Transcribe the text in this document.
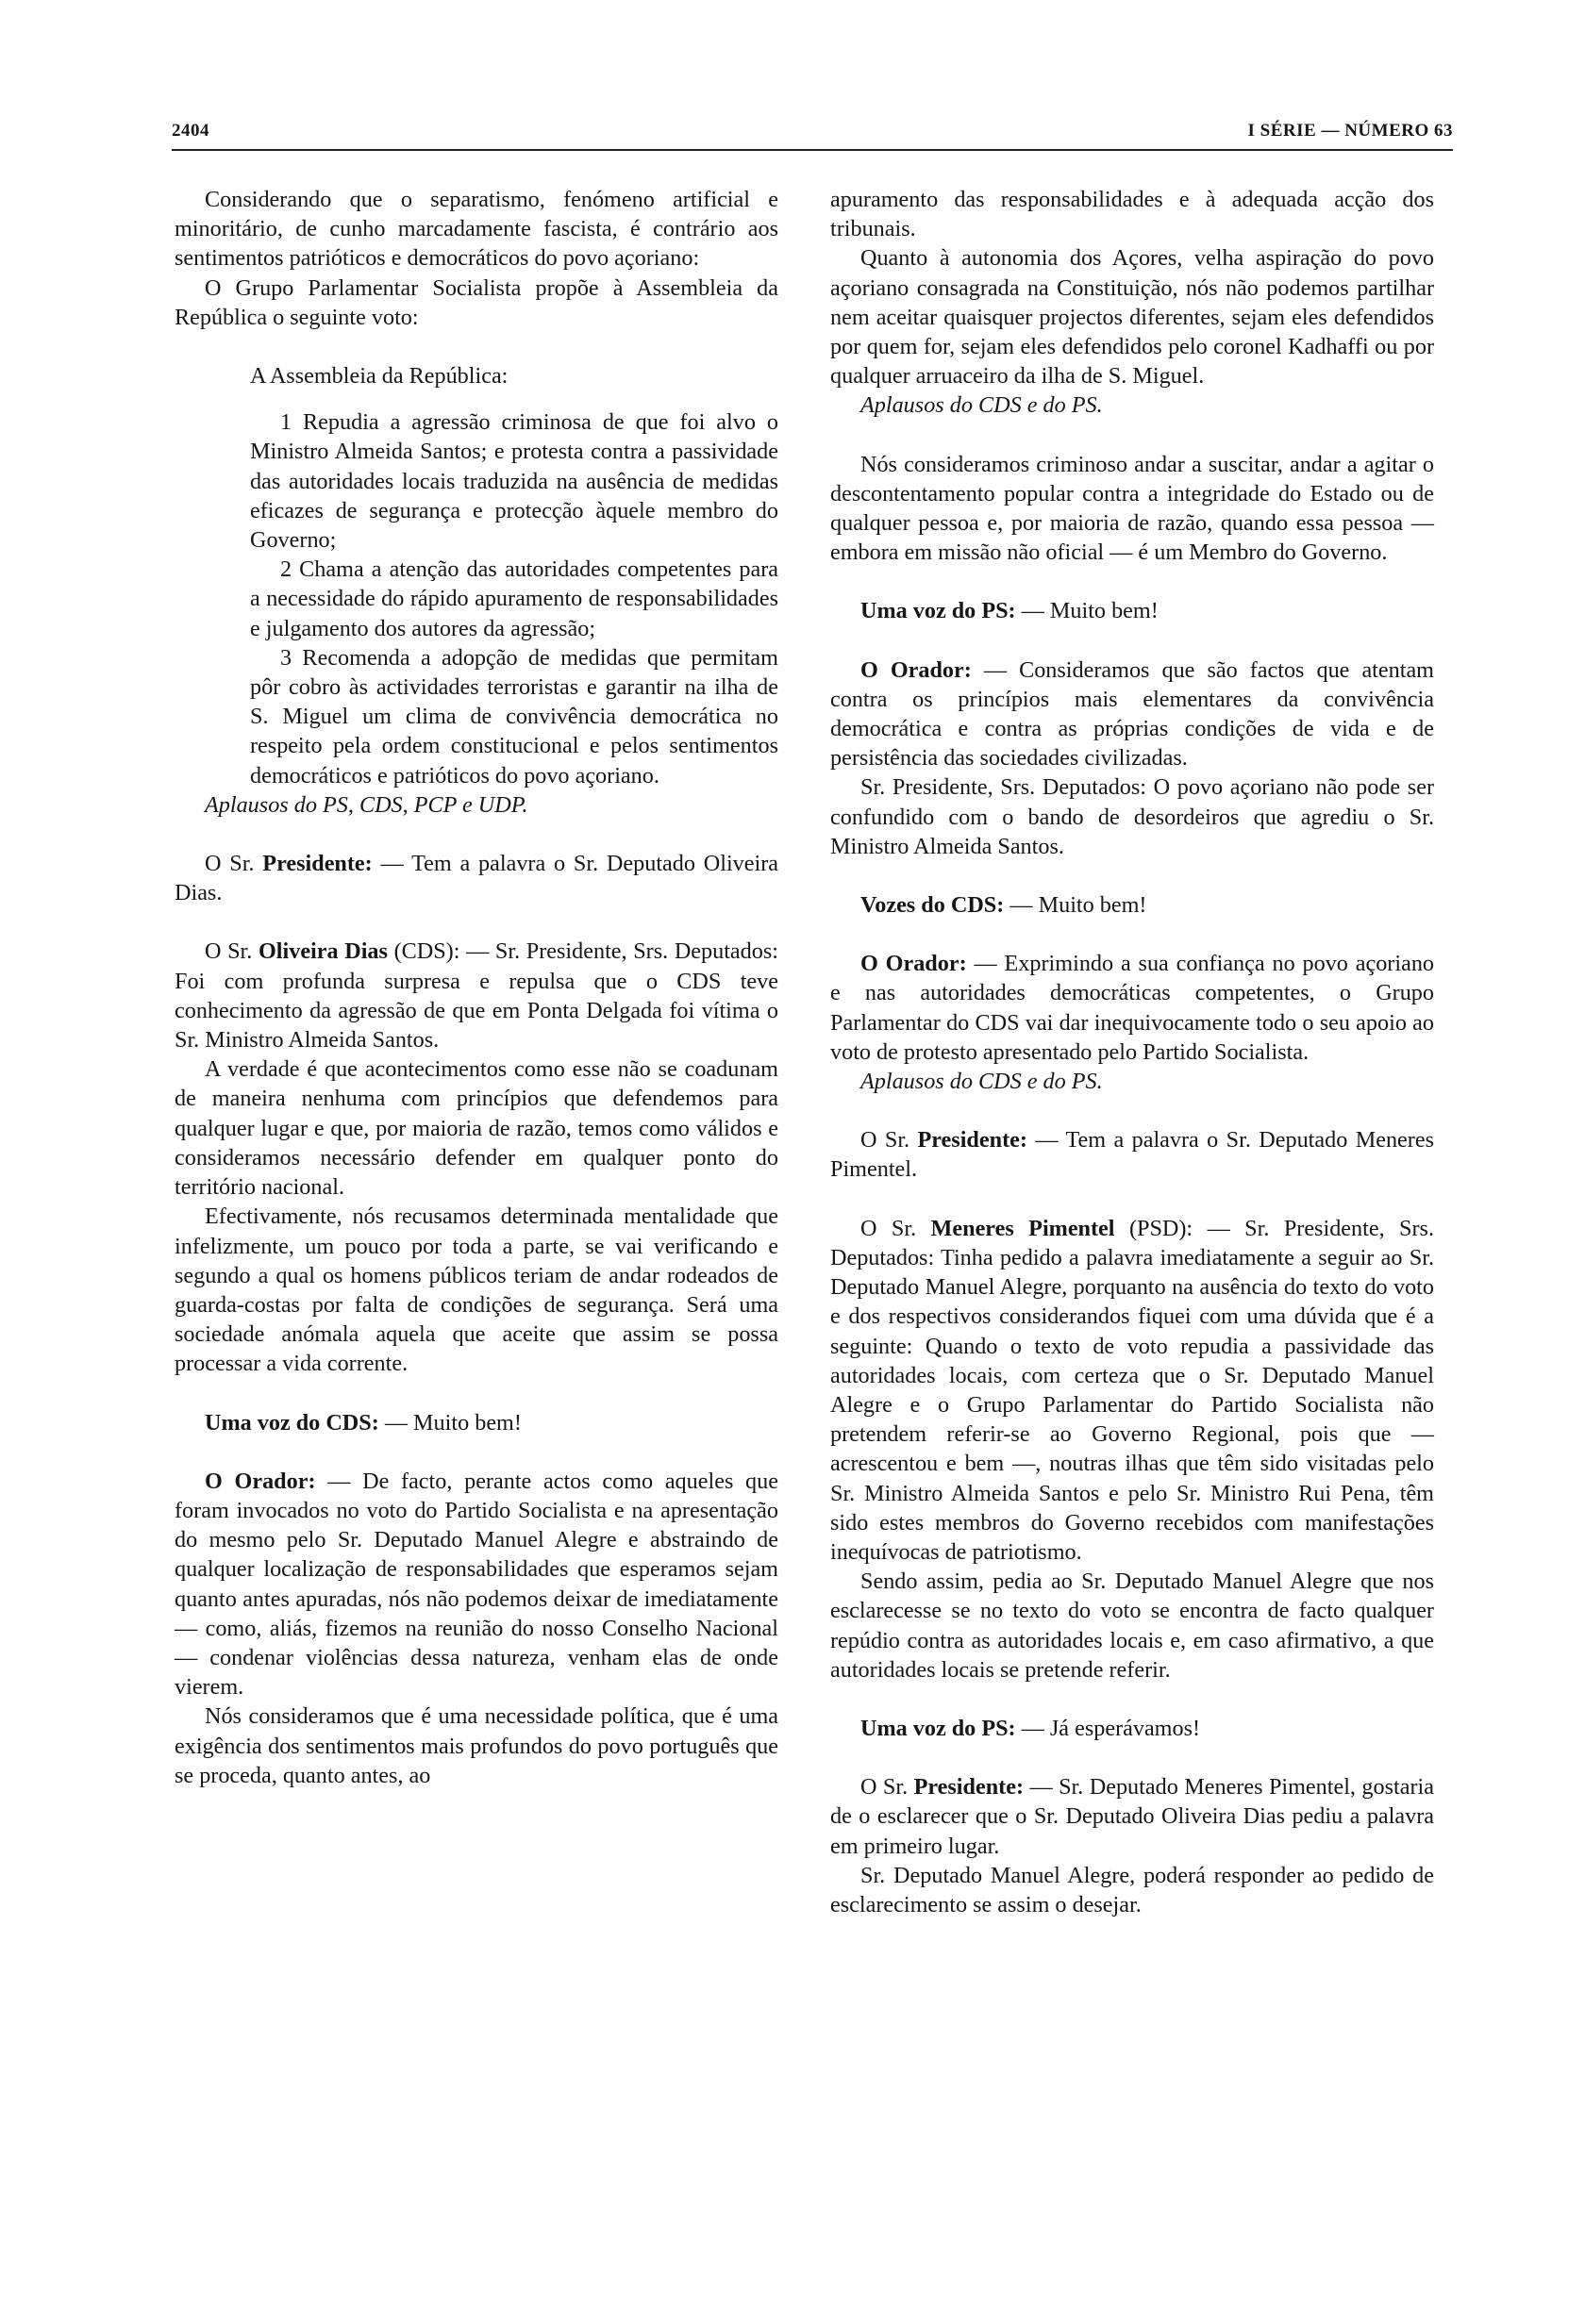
2404	I SÉRIE — NÚMERO 63

Considerando que o separatismo, fenómeno artificial e minoritário, de cunho marcadamente fascista, é contrário aos sentimentos patrióticos e democráticos do povo açoriano:

O Grupo Parlamentar Socialista propõe à Assembleia da República o seguinte voto:

A Assembleia da República:

1 Repudia a agressão criminosa de que foi alvo o Ministro Almeida Santos; e protesta contra a passividade das autoridades locais traduzida na ausência de medidas eficazes de segurança e protecção àquele membro do Governo;

2 Chama a atenção das autoridades competentes para a necessidade do rápido apuramento de responsabilidades e julgamento dos autores da agressão;

3 Recomenda a adopção de medidas que permitam pôr cobro às actividades terroristas e garantir na ilha de S. Miguel um clima de convivência democrática no respeito pela ordem constitucional e pelos sentimentos democráticos e patrióticos do povo açoriano.

Aplausos do PS, CDS, PCP e UDP.

O Sr. Presidente: — Tem a palavra o Sr. Deputado Oliveira Dias.

O Sr. Oliveira Dias (CDS): — Sr. Presidente, Srs. Deputados: Foi com profunda surpresa e repulsa que o CDS teve conhecimento da agressão de que em Ponta Delgada foi vítima o Sr. Ministro Almeida Santos.

A verdade é que acontecimentos como esse não se coadunam de maneira nenhuma com princípios que defendemos para qualquer lugar e que, por maioria de razão, temos como válidos e consideramos necessário defender em qualquer ponto do território nacional.

Efectivamente, nós recusamos determinada mentalidade que infelizmente, um pouco por toda a parte, se vai verificando e segundo a qual os homens públicos teriam de andar rodeados de guarda-costas por falta de condições de segurança. Será uma sociedade anómala aquela que aceite que assim se possa processar a vida corrente.

Uma voz do CDS: — Muito bem!

O Orador: — De facto, perante actos como aqueles que foram invocados no voto do Partido Socialista e na apresentação do mesmo pelo Sr. Deputado Manuel Alegre e abstraindo de qualquer localização de responsabilidades que esperamos sejam quanto antes apuradas, nós não podemos deixar de imediatamente — como, aliás, fizemos na reunião do nosso Conselho Nacional — condenar violências dessa natureza, venham elas de onde vierem.

Nós consideramos que é uma necessidade política, que é uma exigência dos sentimentos mais profundos do povo português que se proceda, quanto antes, ao

apuramento das responsabilidades e à adequada acção dos tribunais.

Quanto à autonomia dos Açores, velha aspiração do povo açoriano consagrada na Constituição, nós não podemos partilhar nem aceitar quaisquer projectos diferentes, sejam eles defendidos por quem for, sejam eles defendidos pelo coronel Kadhaffi ou por qualquer arruaceiro da ilha de S. Miguel.

Aplausos do CDS e do PS.

Nós consideramos criminoso andar a suscitar, andar a agitar o descontentamento popular contra a integridade do Estado ou de qualquer pessoa e, por maioria de razão, quando essa pessoa — embora em missão não oficial — é um Membro do Governo.

Uma voz do PS: — Muito bem!

O Orador: — Consideramos que são factos que atentam contra os princípios mais elementares da convivência democrática e contra as próprias condições de vida e de persistência das sociedades civilizadas.

Sr. Presidente, Srs. Deputados: O povo açoriano não pode ser confundido com o bando de desordeiros que agrediu o Sr. Ministro Almeida Santos.

Vozes do CDS: — Muito bem!

O Orador: — Exprimindo a sua confiança no povo açoriano e nas autoridades democráticas competentes, o Grupo Parlamentar do CDS vai dar inequivocamente todo o seu apoio ao voto de protesto apresentado pelo Partido Socialista.

Aplausos do CDS e do PS.

O Sr. Presidente: — Tem a palavra o Sr. Deputado Meneres Pimentel.

O Sr. Meneres Pimentel (PSD): — Sr. Presidente, Srs. Deputados: Tinha pedido a palavra imediatamente a seguir ao Sr. Deputado Manuel Alegre, porquanto na ausência do texto do voto e dos respectivos considerandos fiquei com uma dúvida que é a seguinte: Quando o texto de voto repudia a passividade das autoridades locais, com certeza que o Sr. Deputado Manuel Alegre e o Grupo Parlamentar do Partido Socialista não pretendem referir-se ao Governo Regional, pois que — acrescentou e bem —, noutras ilhas que têm sido visitadas pelo Sr. Ministro Almeida Santos e pelo Sr. Ministro Rui Pena, têm sido estes membros do Governo recebidos com manifestações inequívocas de patriotismo.

Sendo assim, pedia ao Sr. Deputado Manuel Alegre que nos esclarecesse se no texto do voto se encontra de facto qualquer repúdio contra as autoridades locais e, em caso afirmativo, a que autoridades locais se pretende referir.

Uma voz do PS: — Já esperávamos!

O Sr. Presidente: — Sr. Deputado Meneres Pimentel, gostaria de o esclarecer que o Sr. Deputado Oliveira Dias pediu a palavra em primeiro lugar.

Sr. Deputado Manuel Alegre, poderá responder ao pedido de esclarecimento se assim o desejar.
